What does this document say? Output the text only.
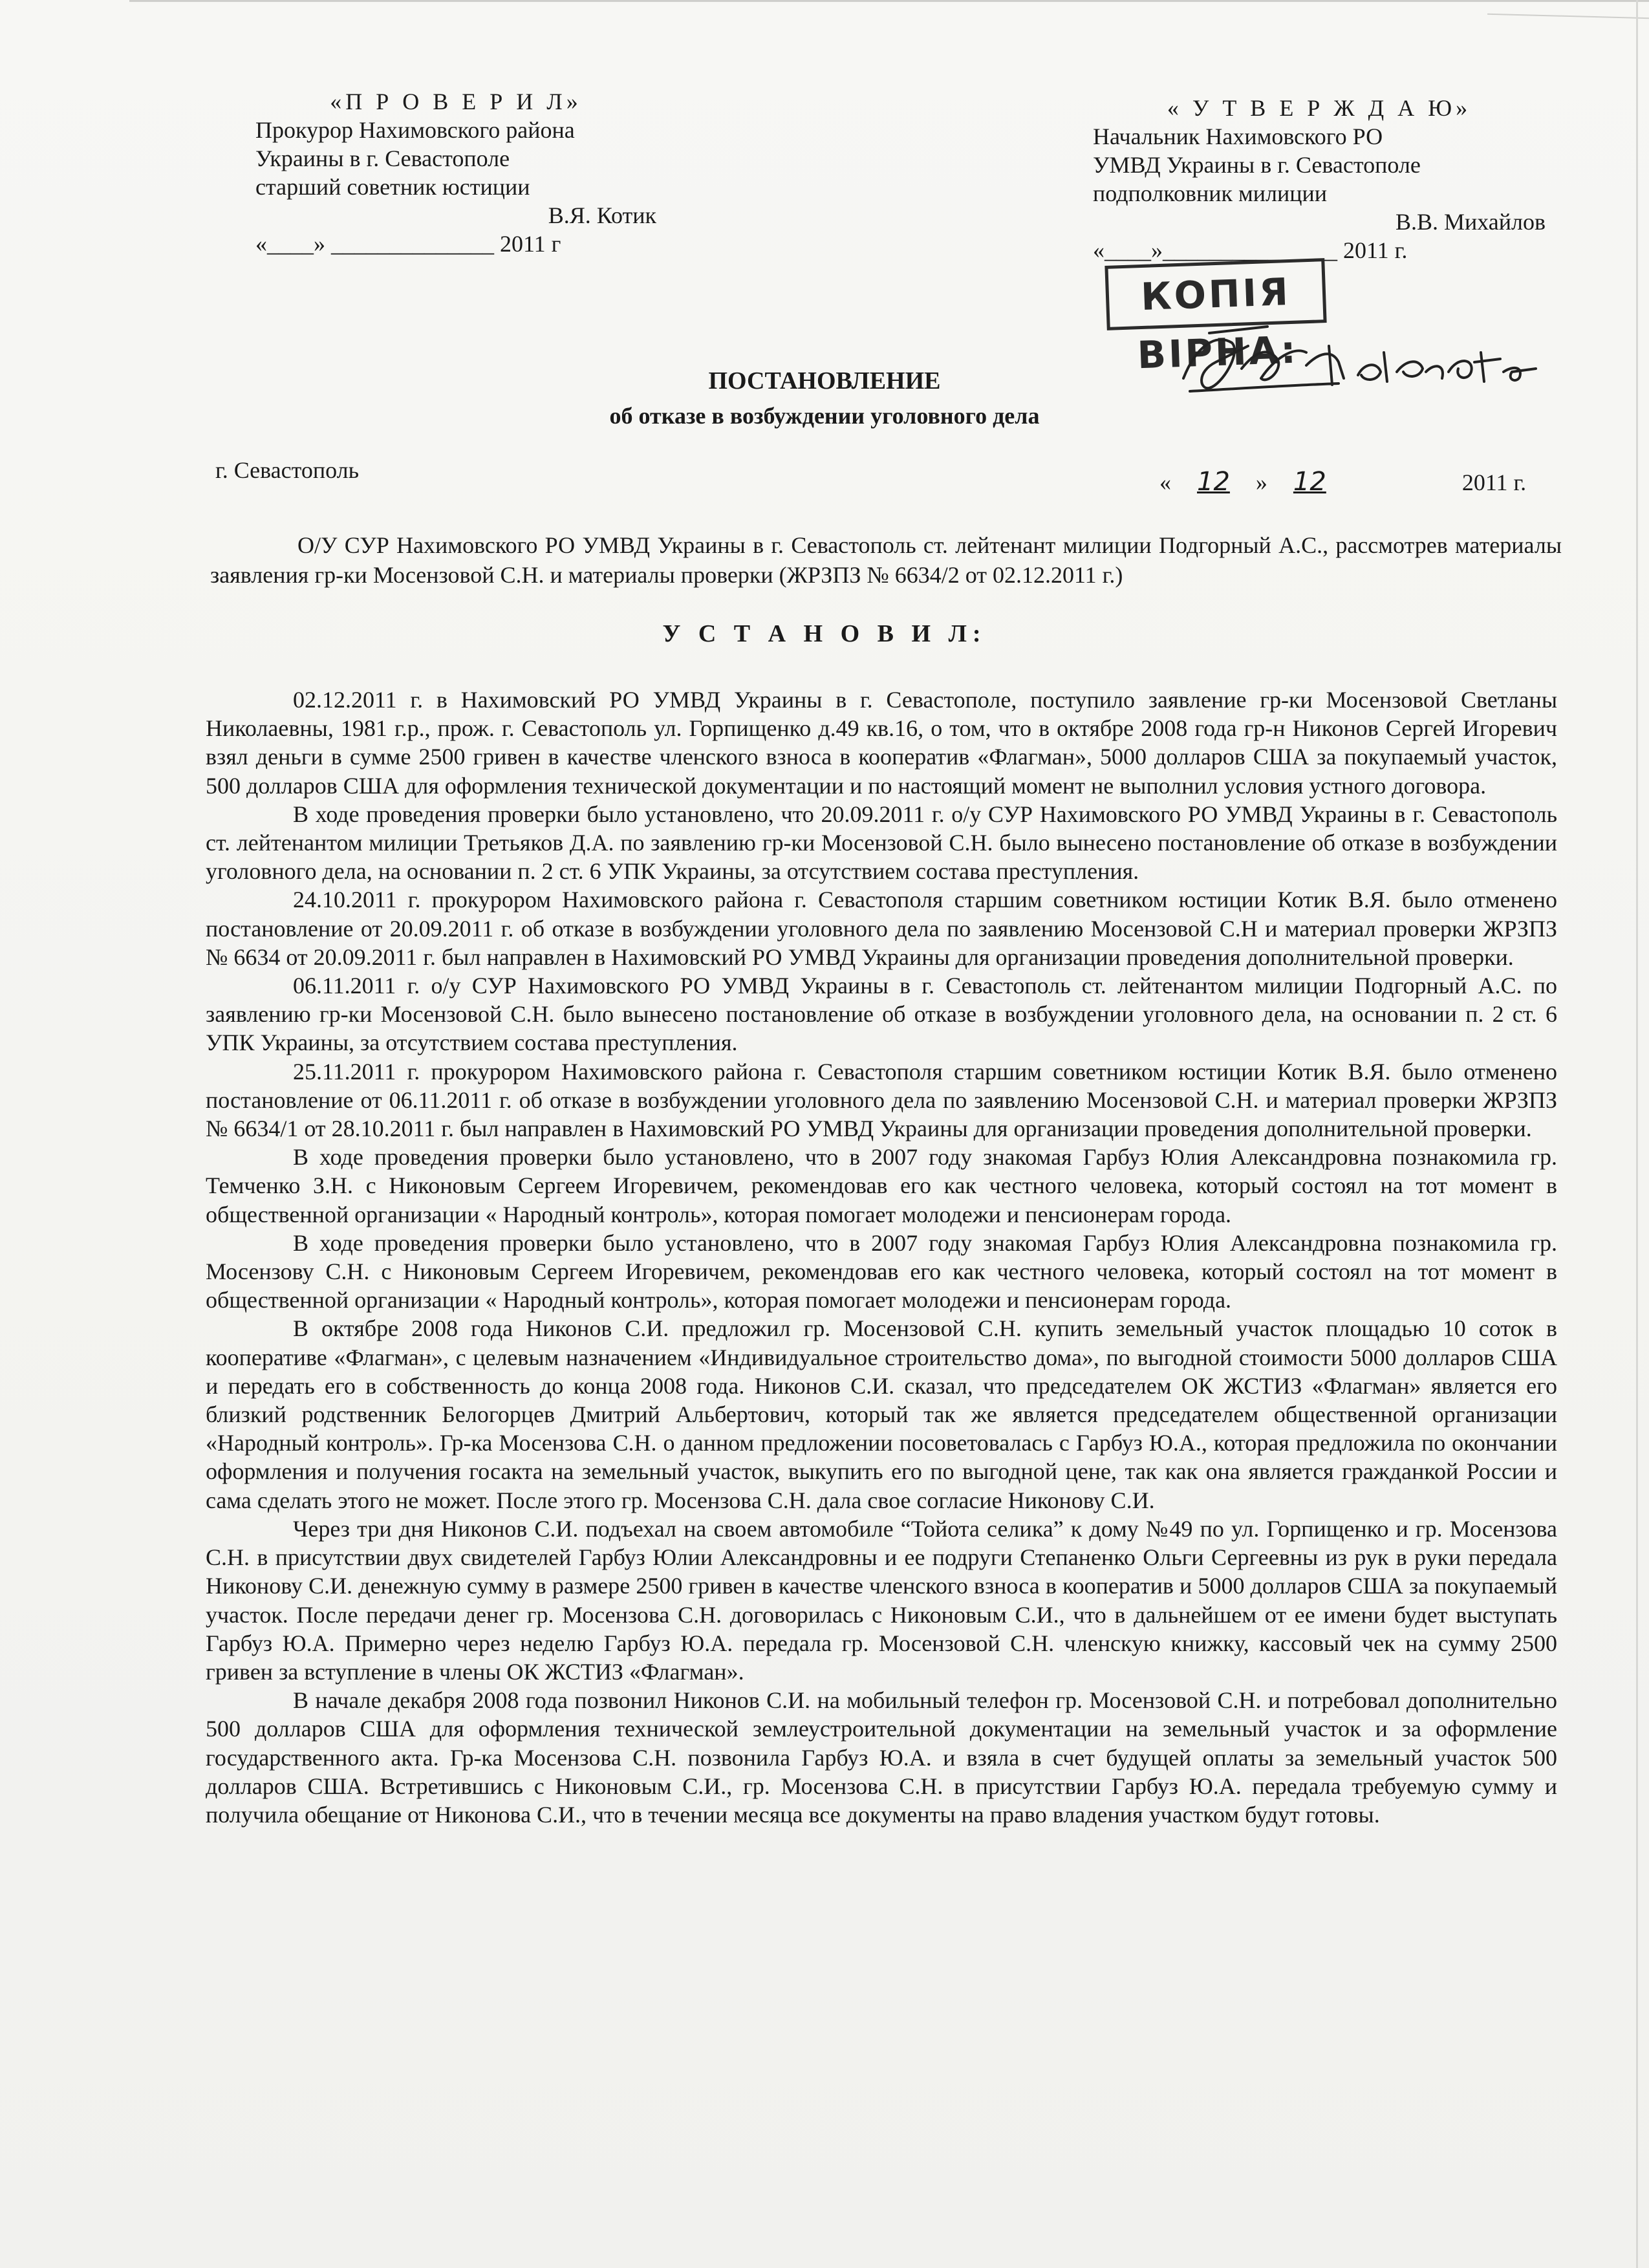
«П Р О В Е Р И Л»

Прокурор Нахимовского района

Украины в г. Севастополе

старший советник юстиции

В.Я. Котик

«____» ______________ 2011 г

« У Т В Е Р Ж Д А Ю»

Начальник Нахимовского РО

УМВД Украины в г. Севастополе

подполковник милиции

В.В. Михайлов

«____»_______________ 2011 г.

КОПІЯ ВІРНА:
ПОСТАНОВЛЕНИЕ
об отказе в возбуждении уголовного дела
г. Севастополь	« 12 » 12	2011 г.
О/У СУР Нахимовского РО УМВД Украины в г. Севастополь ст. лейтенант милиции Подгорный А.С., рассмотрев материалы заявления гр-ки Мосензовой С.Н. и материалы проверки (ЖРЗПЗ № 6634/2 от 02.12.2011 г.)
У С Т А Н О В И Л:

02.12.2011 г. в Нахимовский РО УМВД Украины в г. Севастополе, поступило заявление гр-ки Мосензовой Светланы Николаевны, 1981 г.р., прож. г. Севастополь ул. Горпищенко д.49 кв.16, о том, что в октябре 2008 года гр-н Никонов Сергей Игоревич взял деньги в сумме 2500 гривен в качестве членского взноса в кооператив «Флагман», 5000 долларов США за покупаемый участок, 500 долларов США для оформления технической документации и по настоящий момент не выполнил условия устного договора.

В ходе проведения проверки было установлено, что 20.09.2011 г. о/у СУР Нахимовского РО УМВД Украины в г. Севастополь ст. лейтенантом милиции Третьяков Д.А. по заявлению гр-ки Мосензовой С.Н. было вынесено постановление об отказе в возбуждении уголовного дела, на основании п. 2 ст. 6 УПК Украины, за отсутствием состава преступления.

24.10.2011 г. прокурором Нахимовского района г. Севастополя старшим советником юстиции Котик В.Я. было отменено постановление от 20.09.2011 г. об отказе в возбуждении уголовного дела по заявлению Мосензовой С.Н и материал проверки ЖРЗПЗ № 6634 от 20.09.2011 г. был направлен в Нахимовский РО УМВД Украины для организации проведения дополнительной проверки.

06.11.2011 г. о/у СУР Нахимовского РО УМВД Украины в г. Севастополь ст. лейтенантом милиции Подгорный А.С. по заявлению гр-ки Мосензовой С.Н. было вынесено постановление об отказе в возбуждении уголовного дела, на основании п. 2 ст. 6 УПК Украины, за отсутствием состава преступления.

25.11.2011 г. прокурором Нахимовского района г. Севастополя старшим советником юстиции Котик В.Я. было отменено постановление от 06.11.2011 г. об отказе в возбуждении уголовного дела по заявлению Мосензовой С.Н. и материал проверки ЖРЗПЗ № 6634/1 от 28.10.2011 г. был направлен в Нахимовский РО УМВД Украины для организации проведения дополнительной проверки.

В ходе проведения проверки было установлено, что в 2007 году знакомая Гарбуз Юлия Александровна познакомила гр. Темченко З.Н. с Никоновым Сергеем Игоревичем, рекомендовав его как честного человека, который состоял на тот момент в общественной организации « Народный контроль», которая помогает молодежи и пенсионерам города.

В ходе проведения проверки было установлено, что в 2007 году знакомая Гарбуз Юлия Александровна познакомила гр. Мосензову С.Н. с Никоновым Сергеем Игоревичем, рекомендовав его как честного человека, который состоял на тот момент в общественной организации « Народный контроль», которая помогает молодежи и пенсионерам города.

В октябре 2008 года Никонов С.И. предложил гр. Мосензовой С.Н. купить земельный участок площадью 10 соток в кооперативе «Флагман», с целевым назначением «Индивидуальное строительство дома», по выгодной стоимости 5000 долларов США и передать его в собственность до конца 2008 года. Никонов С.И. сказал, что председателем ОК ЖСТИЗ «Флагман» является его близкий родственник Белогорцев Дмитрий Альбертович, который так же является председателем общественной организации «Народный контроль». Гр-ка Мосензова С.Н. о данном предложении посоветовалась с Гарбуз Ю.А., которая предложила по окончании оформления и получения госакта на земельный участок, выкупить его по выгодной цене, так как она является гражданкой России и сама сделать этого не может. После этого гр. Мосензова С.Н. дала свое согласие Никонову С.И.

Через три дня Никонов С.И. подъехал на своем автомобиле “Тойота селика” к дому №49 по ул. Горпищенко и гр. Мосензова С.Н. в присутствии двух свидетелей Гарбуз Юлии Александровны и ее подруги Степаненко Ольги Сергеевны из рук в руки передала Никонову С.И. денежную сумму в размере 2500 гривен в качестве членского взноса в кооператив и 5000 долларов США за покупаемый участок. После передачи денег гр. Мосензова С.Н. договорилась с Никоновым С.И., что в дальнейшем от ее имени будет выступать Гарбуз Ю.А. Примерно через неделю Гарбуз Ю.А. передала гр. Мосензовой С.Н. членскую книжку, кассовый чек на сумму 2500 гривен за вступление в члены ОК ЖСТИЗ «Флагман».

В начале декабря 2008 года позвонил Никонов С.И. на мобильный телефон гр. Мосензовой С.Н. и потребовал дополнительно 500 долларов США для оформления технической землеустроительной документации на земельный участок и за оформление государственного акта. Гр-ка Мосензова С.Н. позвонила Гарбуз Ю.А. и взяла в счет будущей оплаты за земельный участок 500 долларов США. Встретившись с Никоновым С.И., гр. Мосензова С.Н. в присутствии Гарбуз Ю.А. передала требуемую сумму и получила обещание от Никонова С.И., что в течении месяца все документы на право владения участком будут готовы.
